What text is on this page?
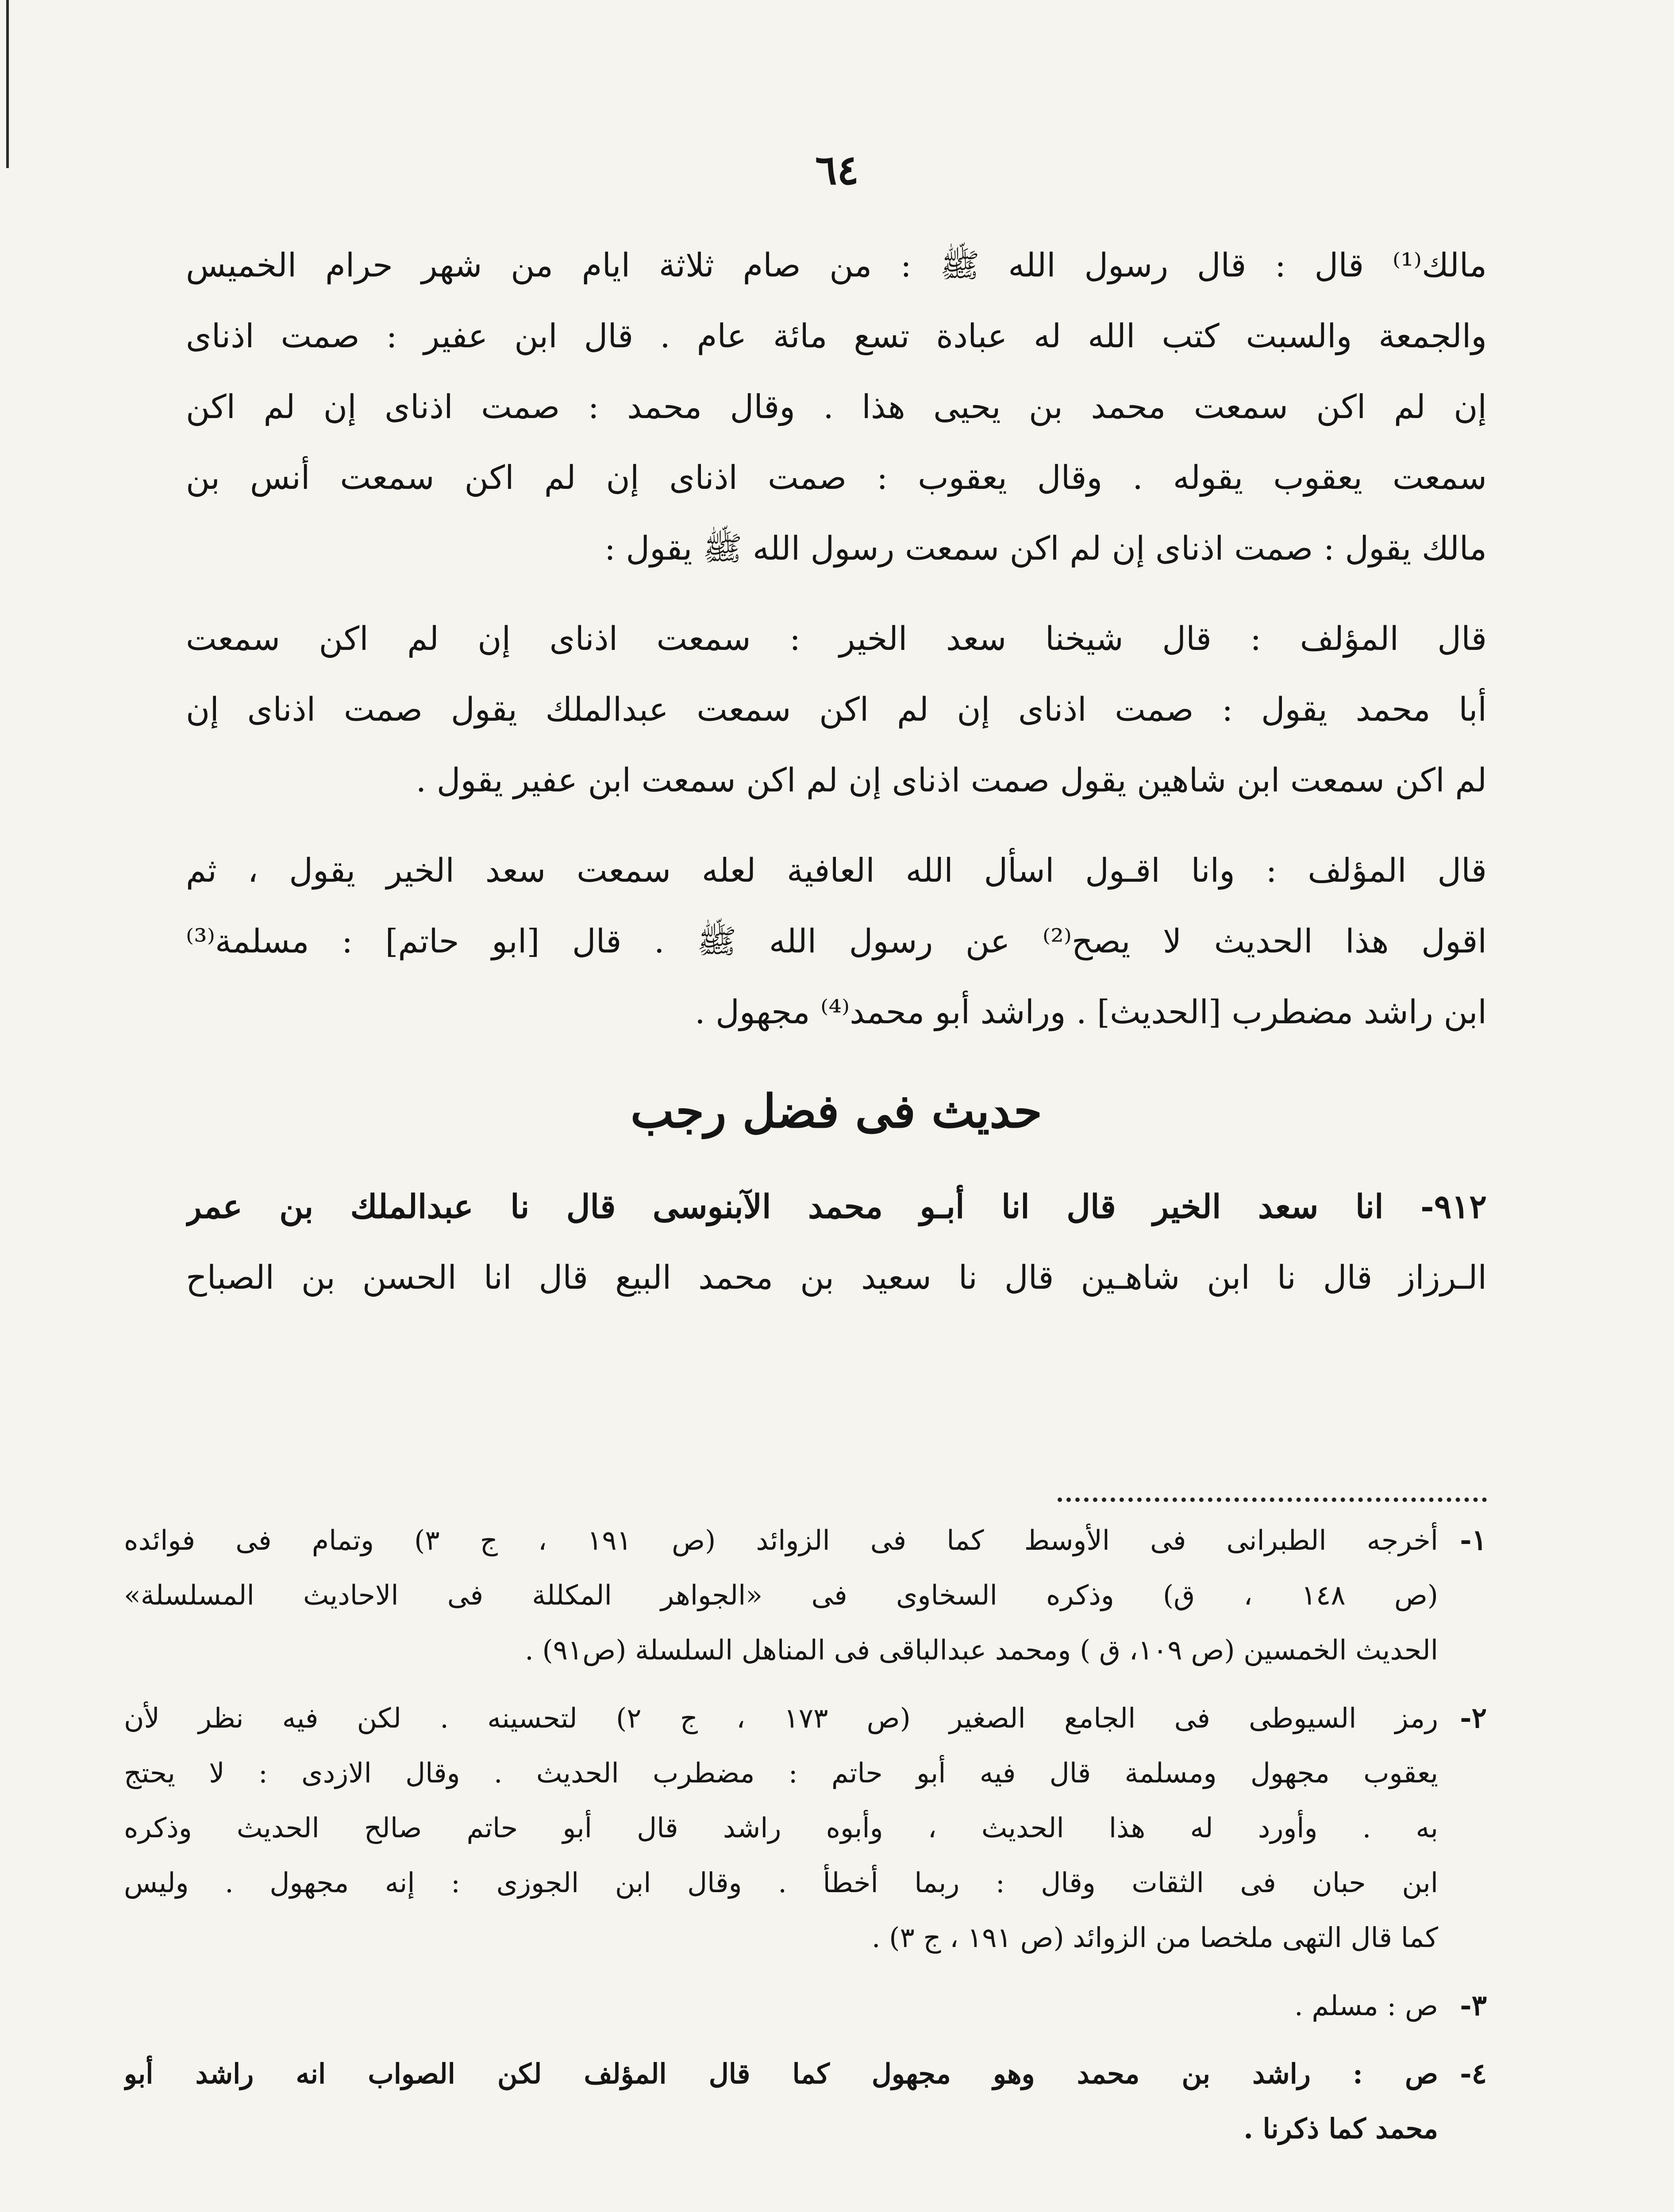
٦٤
مالك⁽¹⁾ قال : قال رسول الله ﷺ : من صام ثلاثة ايام من شهر حرام الخميس
والجمعة والسبت كتب الله له عبادة تسع مائة عام . قال ابن عفير : صمت اذناى
إن لم اكن سمعت محمد بن يحيى هذا . وقال محمد : صمت اذناى إن لم اكن
سمعت يعقوب يقوله . وقال يعقوب : صمت اذناى إن لم اكن سمعت أنس بن
مالك يقول : صمت اذناى إن لم اكن سمعت رسول الله ﷺ يقول :
قال المؤلف : قال شيخنا سعد الخير : سمعت اذناى إن لم اكن سمعت
أبا محمد يقول : صمت اذناى إن لم اكن سمعت عبدالملك يقول صمت اذناى إن
لم اكن سمعت ابن شاهين يقول صمت اذناى إن لم اكن سمعت ابن عفير يقول .
قال المؤلف : وانا اقـول اسأل الله العافية لعله سمعت سعد الخير يقول ، ثم
اقول هذا الحديث لا يصح⁽²⁾ عن رسول الله ﷺ . قال [ابو حاتم] : مسلمة⁽³⁾
ابن راشد مضطرب [الحديث] . وراشد أبو محمد⁽⁴⁾ مجهول .
حديث فى فضل رجب
٩١٢- انا سعد الخير قال انا أبـو محمد الآبنوسى قال نا عبدالملك بن عمر
الـرزاز قال نا ابن شاهـين قال نا سعيد بن محمد البيع قال انا الحسن بن الصباح
١-
أخرجه الطبرانى فى الأوسط كما فى الزوائد (ص ١٩١ ، ج ٣) وتمام فى فوائده
(ص ١٤٨ ، ق) وذكره السخاوى فى «الجواهر المكللة فى الاحاديث المسلسلة»
الحديث الخمسين (ص ١٠٩، ق ) ومحمد عبدالباقى فى المناهل السلسلة (ص٩١) .
٢-
رمز السيوطى فى الجامع الصغير (ص ١٧٣ ، ج ٢) لتحسينه . لكن فيه نظر لأن
يعقوب مجهول ومسلمة قال فيه أبو حاتم : مضطرب الحديث . وقال الازدى : لا يحتج
به . وأورد له هذا الحديث ، وأبوه راشد قال أبو حاتم صالح الحديث وذكره
ابن حبان فى الثقات وقال : ربما أخطأ . وقال ابن الجوزى : إنه مجهول . وليس
كما قال التهى ملخصا من الزوائد (ص ١٩١ ، ج ٣) .
٣-
ص : مسلم .
٤-
ص : راشد بن محمد وهو مجهول كما قال المؤلف لكن الصواب انه راشد أبو
محمد كما ذكرنا .
